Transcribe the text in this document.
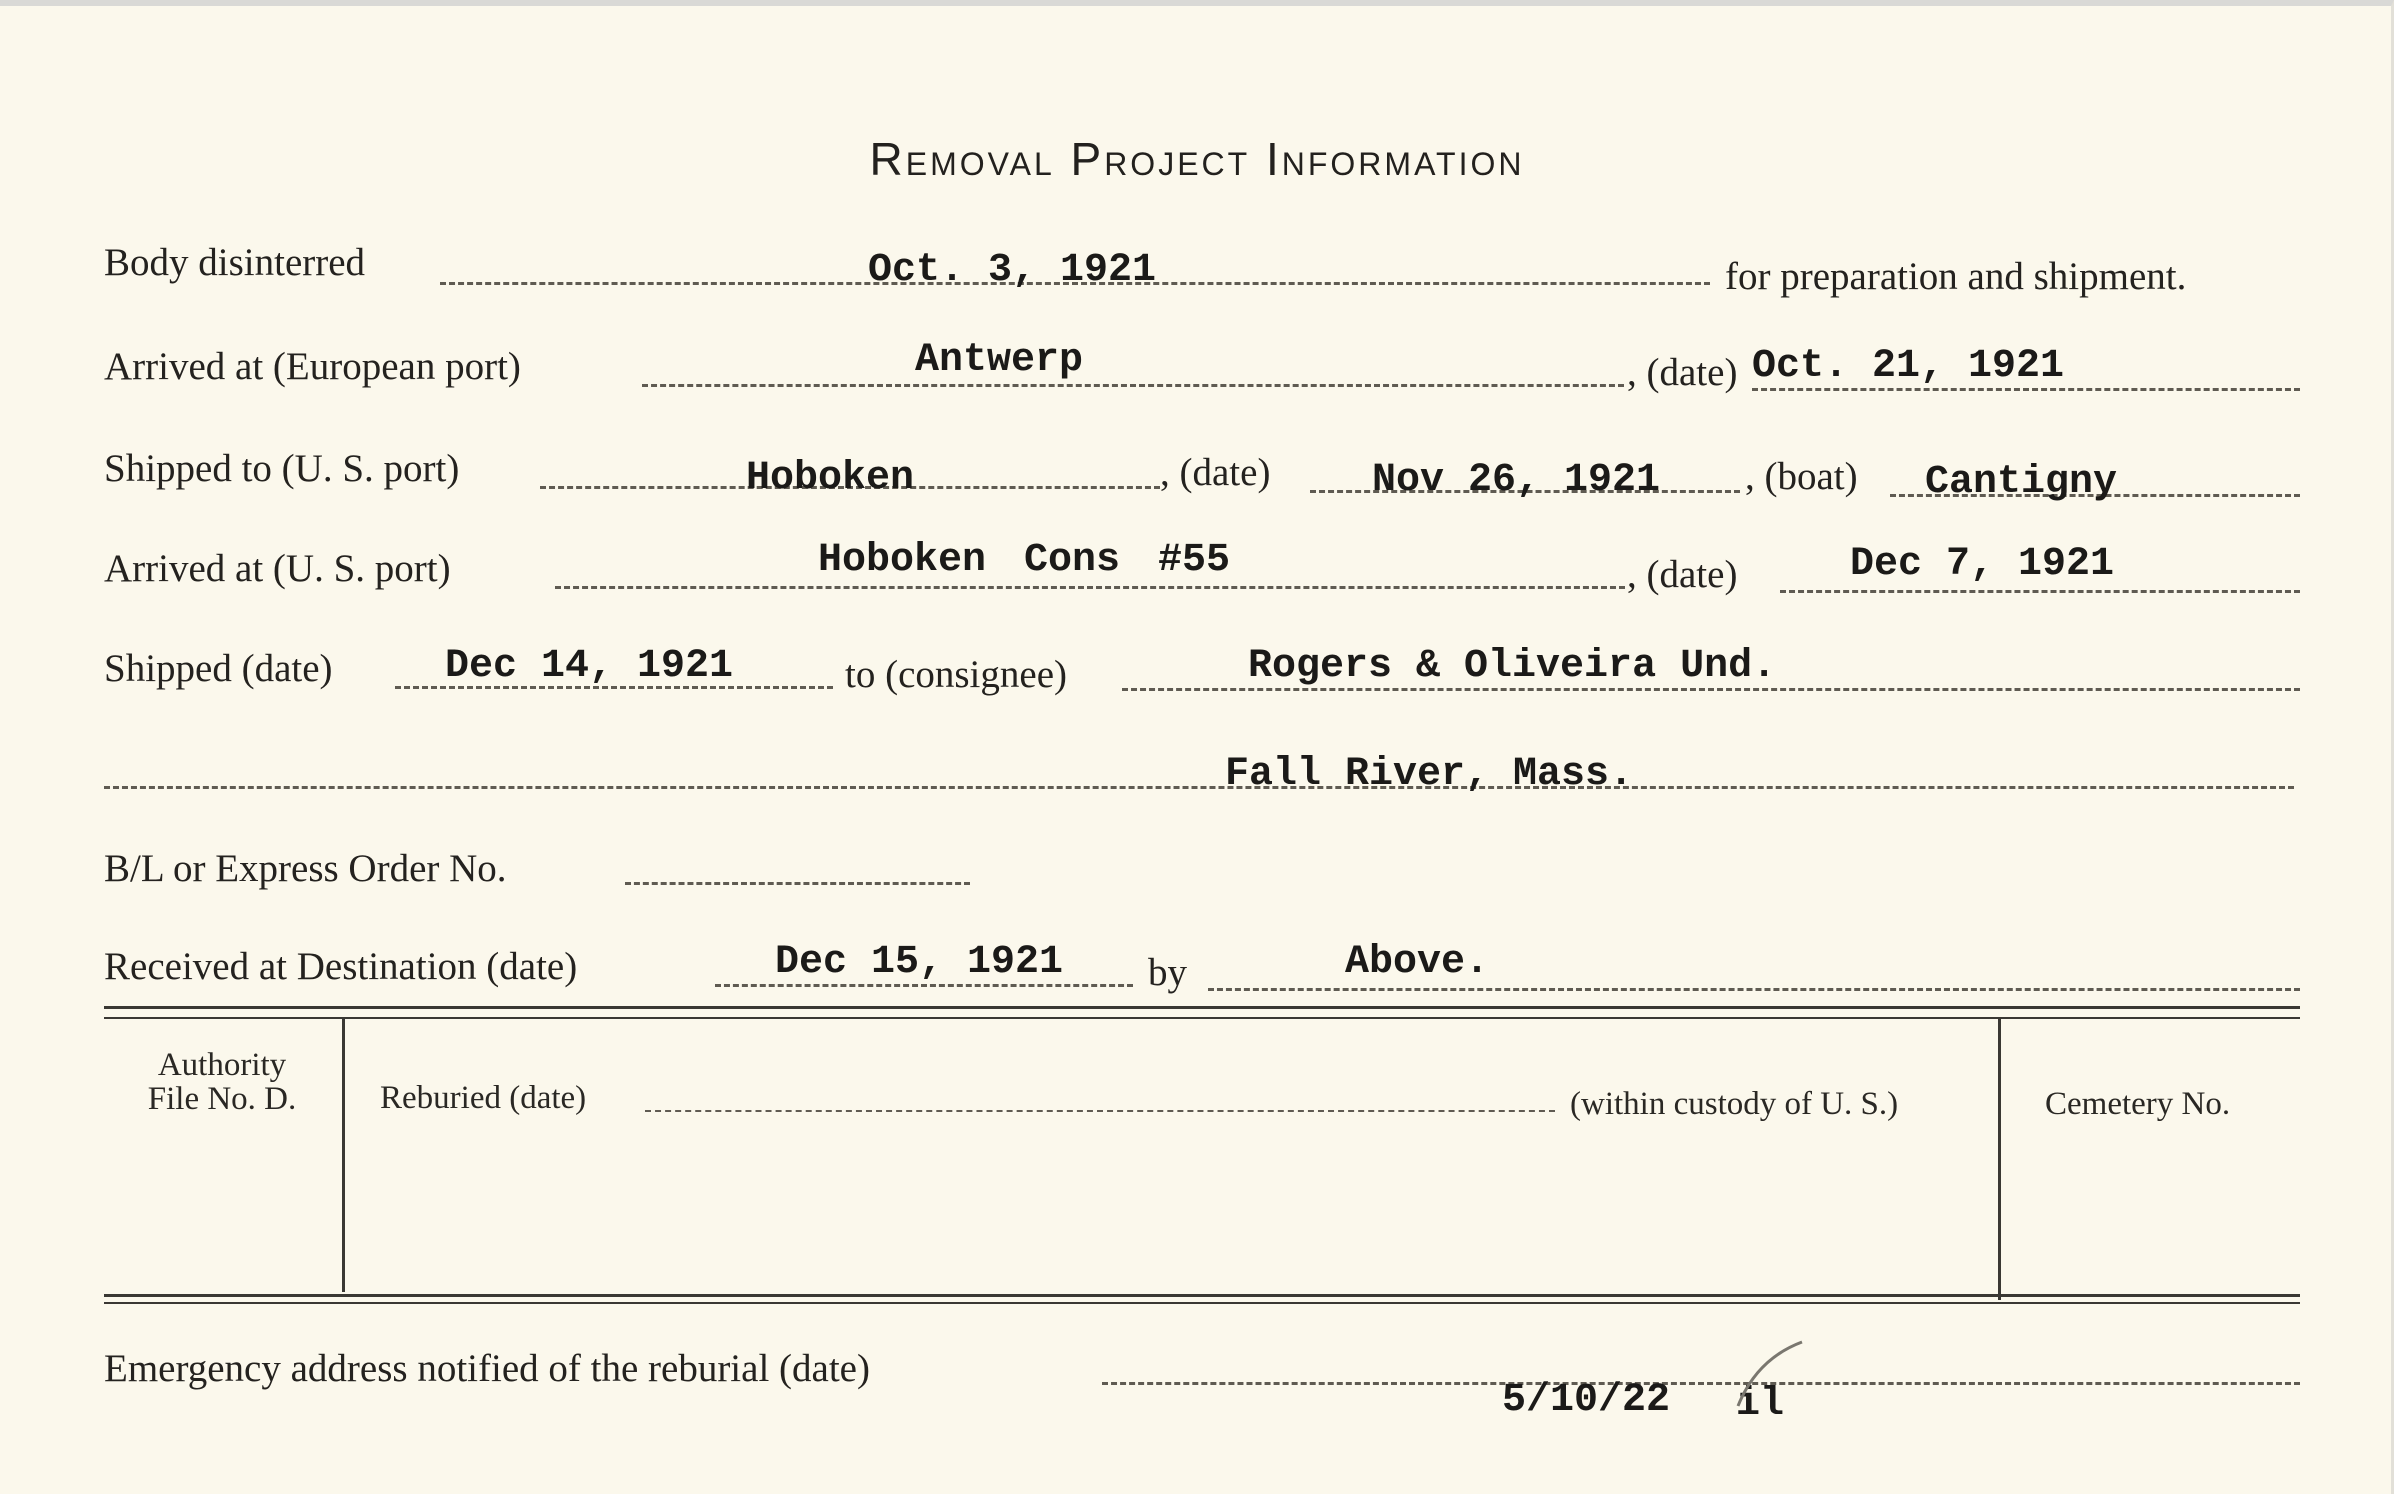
Removal Project Information
Body disinterred	Oct. 3, 1921	for preparation and shipment.
Arrived at (European port)	Antwerp	, (date) Oct. 21, 1921
Shipped to (U. S. port)	Hoboken	, (date)	Nov 26, 1921 , (boat) Cantigny
Arrived at (U. S. port)	Hoboken Cons #55	, (date)	Dec 7, 1921
Shipped (date)	Dec 14, 1921	to (consignee)	Rogers & Oliveira Und.
Fall River, Mass.
B/L or Express Order No.
Received at Destination (date)	Dec 15, 1921 by	Above.
Authority
File No. D.	Reburied (date)	(within custody of U. S.)	Cemetery No.
Emergency address notified of the reburial (date)
5/10/22 il
